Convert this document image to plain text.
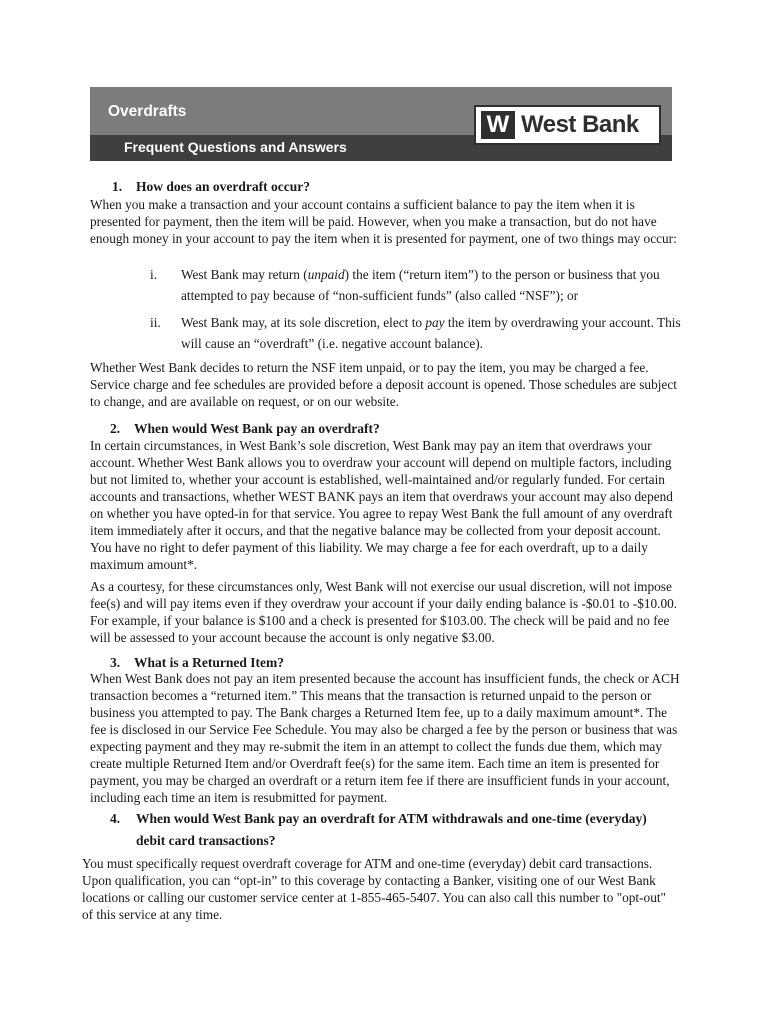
Overdrafts
Frequent Questions and Answers
W West Bank
1. How does an overdraft occur?

When you make a transaction and your account contains a sufficient balance to pay the item when it is presented for payment, then the item will be paid. However, when you make a transaction, but do not have enough money in your account to pay the item when it is presented for payment, one of two things may occur:

i. West Bank may return (unpaid) the item (“return item”) to the person or business that you attempted to pay because of “non-sufficient funds” (also called “NSF”); or
ii. West Bank may, at its sole discretion, elect to pay the item by overdrawing your account. This will cause an “overdraft” (i.e. negative account balance).

Whether West Bank decides to return the NSF item unpaid, or to pay the item, you may be charged a fee. Service charge and fee schedules are provided before a deposit account is opened. Those schedules are subject to change, and are available on request, or on our website.

2. When would West Bank pay an overdraft?

In certain circumstances, in West Bank’s sole discretion, West Bank may pay an item that overdraws your account. Whether West Bank allows you to overdraw your account will depend on multiple factors, including but not limited to, whether your account is established, well-maintained and/or regularly funded. For certain accounts and transactions, whether WEST BANK pays an item that overdraws your account may also depend on whether you have opted-in for that service. You agree to repay West Bank the full amount of any overdraft item immediately after it occurs, and that the negative balance may be collected from your deposit account. You have no right to defer payment of this liability. We may charge a fee for each overdraft, up to a daily maximum amount*.

As a courtesy, for these circumstances only, West Bank will not exercise our usual discretion, will not impose fee(s) and will pay items even if they overdraw your account if your daily ending balance is -$0.01 to -$10.00. For example, if your balance is $100 and a check is presented for $103.00. The check will be paid and no fee will be assessed to your account because the account is only negative $3.00.

3. What is a Returned Item?

When West Bank does not pay an item presented because the account has insufficient funds, the check or ACH transaction becomes a “returned item.” This means that the transaction is returned unpaid to the person or business you attempted to pay. The Bank charges a Returned Item fee, up to a daily maximum amount*. The fee is disclosed in our Service Fee Schedule. You may also be charged a fee by the person or business that was expecting payment and they may re-submit the item in an attempt to collect the funds due them, which may create multiple Returned Item and/or Overdraft fee(s) for the same item. Each time an item is presented for payment, you may be charged an overdraft or a return item fee if there are insufficient funds in your account, including each time an item is resubmitted for payment.

4.	When would West Bank pay an overdraft for ATM withdrawals and one-time (everyday) debit card transactions?

You must specifically request overdraft coverage for ATM and one-time (everyday) debit card transactions. Upon qualification, you can “opt-in” to this coverage by contacting a Banker, visiting one of our West Bank locations or calling our customer service center at 1-855-465-5407. You can also call this number to "opt-out" of this service at any time.
